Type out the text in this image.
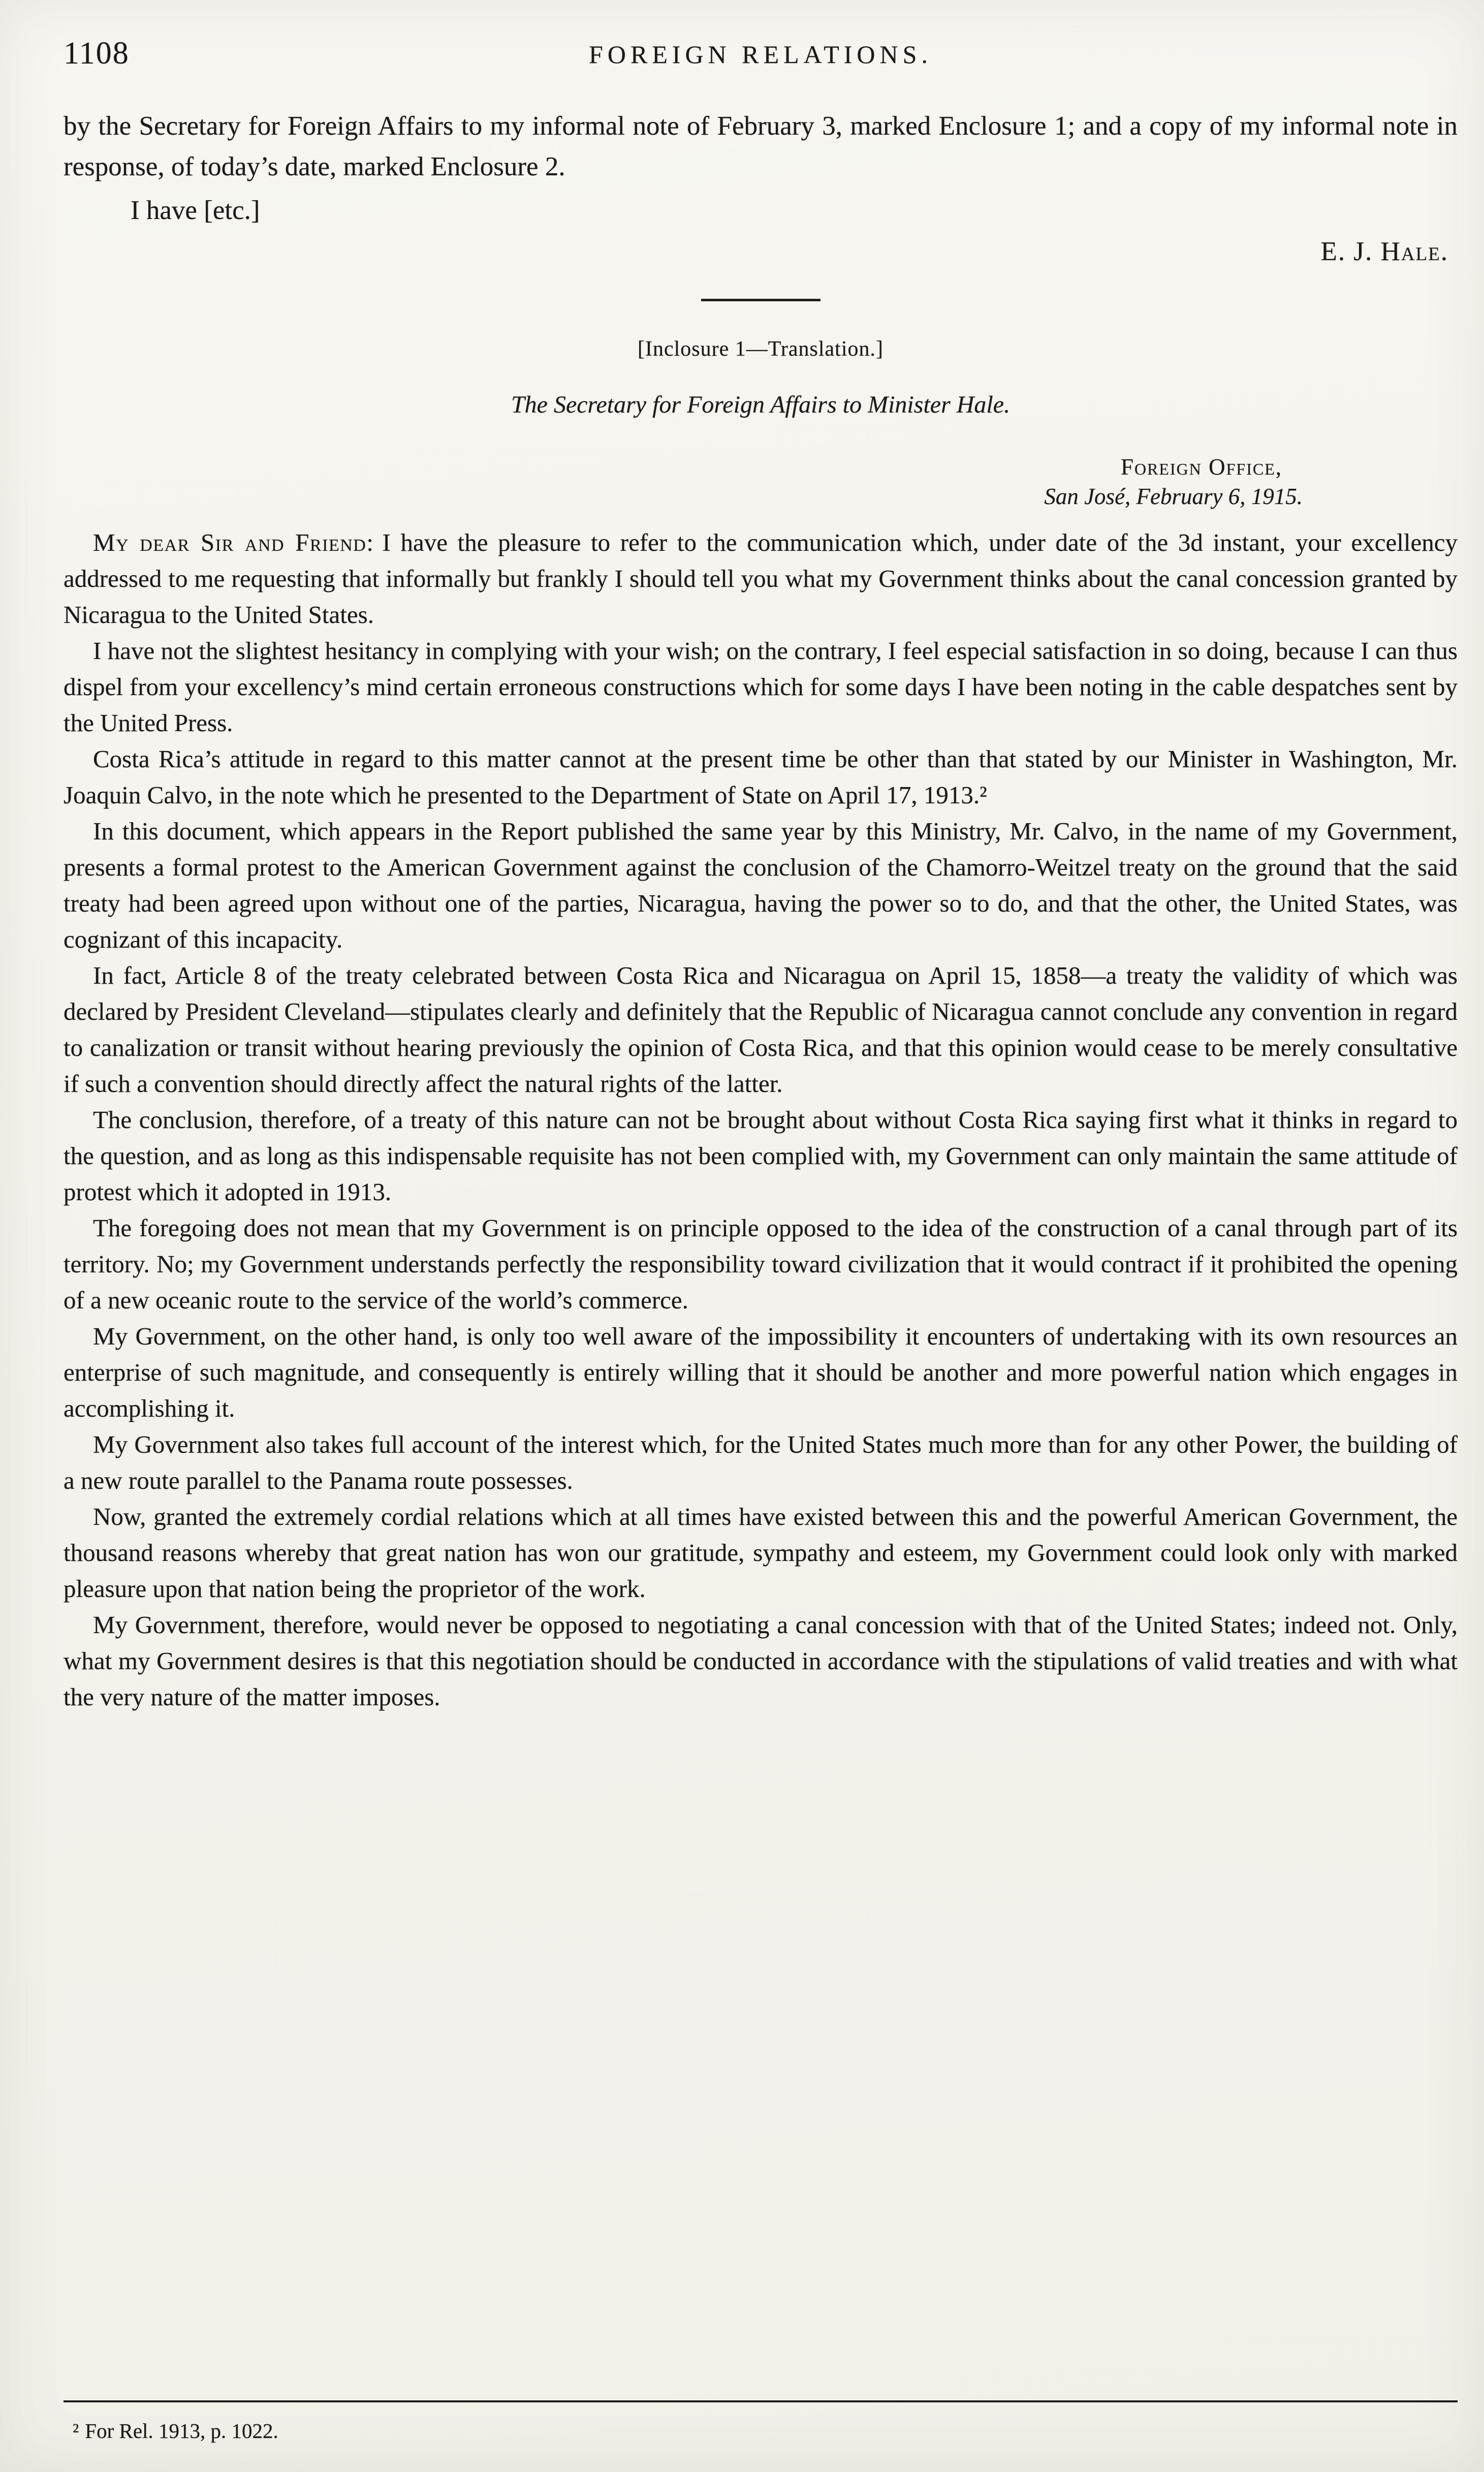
1108	FOREIGN RELATIONS.

by the Secretary for Foreign Affairs to my informal note of February 3, marked Enclosure 1; and a copy of my informal note in response, of today’s date, marked Enclosure 2.

I have [etc.]

E. J. Hale.

[Inclosure 1—Translation.]

The Secretary for Foreign Affairs to Minister Hale.

Foreign Office,
San José, February 6, 1915.

My dear Sir and Friend: I have the pleasure to refer to the communication which, under date of the 3d instant, your excellency addressed to me requesting that informally but frankly I should tell you what my Government thinks about the canal concession granted by Nicaragua to the United States.

I have not the slightest hesitancy in complying with your wish; on the contrary, I feel especial satisfaction in so doing, because I can thus dispel from your excellency’s mind certain erroneous constructions which for some days I have been noting in the cable despatches sent by the United Press.

Costa Rica’s attitude in regard to this matter cannot at the present time be other than that stated by our Minister in Washington, Mr. Joaquin Calvo, in the note which he presented to the Department of State on April 17, 1913.²

In this document, which appears in the Report published the same year by this Ministry, Mr. Calvo, in the name of my Government, presents a formal protest to the American Government against the conclusion of the Chamorro-Weitzel treaty on the ground that the said treaty had been agreed upon without one of the parties, Nicaragua, having the power so to do, and that the other, the United States, was cognizant of this incapacity.

In fact, Article 8 of the treaty celebrated between Costa Rica and Nicaragua on April 15, 1858—a treaty the validity of which was declared by President Cleveland—stipulates clearly and definitely that the Republic of Nicaragua cannot conclude any convention in regard to canalization or transit without hearing previously the opinion of Costa Rica, and that this opinion would cease to be merely consultative if such a convention should directly affect the natural rights of the latter.

The conclusion, therefore, of a treaty of this nature can not be brought about without Costa Rica saying first what it thinks in regard to the question, and as long as this indispensable requisite has not been complied with, my Government can only maintain the same attitude of protest which it adopted in 1913.

The foregoing does not mean that my Government is on principle opposed to the idea of the construction of a canal through part of its territory. No; my Government understands perfectly the responsibility toward civilization that it would contract if it prohibited the opening of a new oceanic route to the service of the world’s commerce.

My Government, on the other hand, is only too well aware of the impossibility it encounters of undertaking with its own resources an enterprise of such magnitude, and consequently is entirely willing that it should be another and more powerful nation which engages in accomplishing it.

My Government also takes full account of the interest which, for the United States much more than for any other Power, the building of a new route parallel to the Panama route possesses.

Now, granted the extremely cordial relations which at all times have existed between this and the powerful American Government, the thousand reasons whereby that great nation has won our gratitude, sympathy and esteem, my Government could look only with marked pleasure upon that nation being the proprietor of the work.

My Government, therefore, would never be opposed to negotiating a canal concession with that of the United States; indeed not. Only, what my Government desires is that this negotiation should be conducted in accordance with the stipulations of valid treaties and with what the very nature of the matter imposes.

² For Rel. 1913, p. 1022.
